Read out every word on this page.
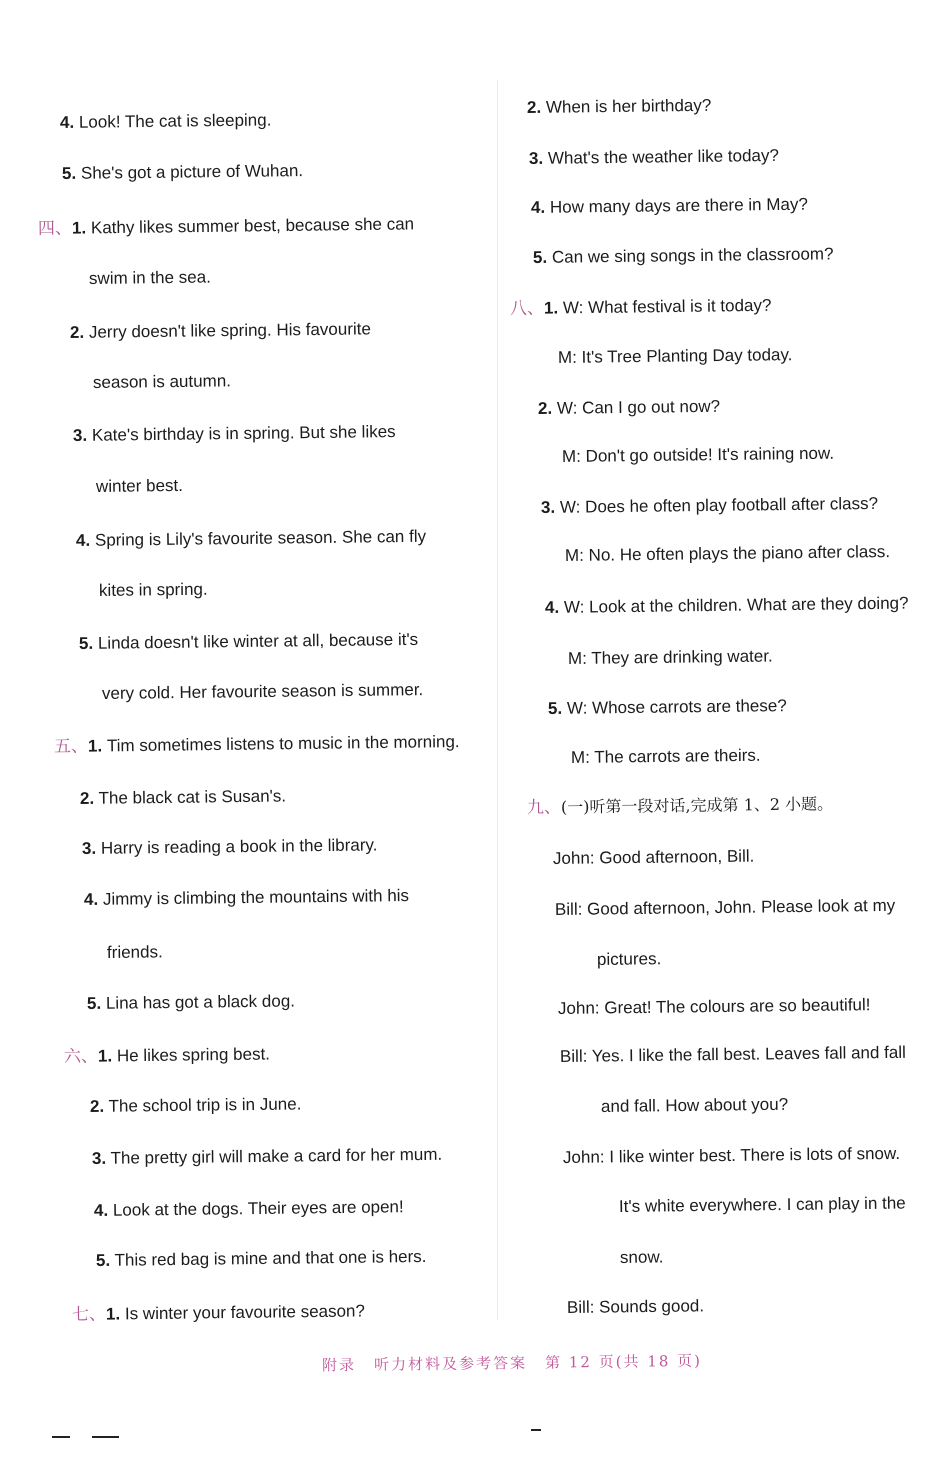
4. Look! The cat is sleeping.
5. She's got a picture of Wuhan.
四、1. Kathy likes summer best, because she can
swim in the sea.
2. Jerry doesn't like spring. His favourite
season is autumn.
3. Kate's birthday is in spring. But she likes
winter best.
4. Spring is Lily's favourite season. She can fly
kites in spring.
5. Linda doesn't like winter at all, because it's
very cold. Her favourite season is summer.
五、1. Tim sometimes listens to music in the morning.
2. The black cat is Susan's.
3. Harry is reading a book in the library.
4. Jimmy is climbing the mountains with his
friends.
5. Lina has got a black dog.
六、1. He likes spring best.
2. The school trip is in June.
3. The pretty girl will make a card for her mum.
4. Look at the dogs. Their eyes are open!
5. This red bag is mine and that one is hers.
七、1. Is winter your favourite season?
2. When is her birthday?
3. What's the weather like today?
4. How many days are there in May?
5. Can we sing songs in the classroom?
八、1. W: What festival is it today?
M: It's Tree Planting Day today.
2. W: Can I go out now?
M: Don't go outside! It's raining now.
3. W: Does he often play football after class?
M: No. He often plays the piano after class.
4. W: Look at the children. What are they doing?
M: They are drinking water.
5. W: Whose carrots are these?
M: The carrots are theirs.
九、(一)听第一段对话,完成第 1、2 小题。
John: Good afternoon, Bill.
Bill: Good afternoon, John. Please look at my
pictures.
John: Great! The colours are so beautiful!
Bill: Yes. I like the fall best. Leaves fall and fall
and fall. How about you?
John: I like winter best. There is lots of snow.
It's white everywhere. I can play in the
snow.
Bill: Sounds good.
附录 听力材料及参考答案 第 12 页(共 18 页)
